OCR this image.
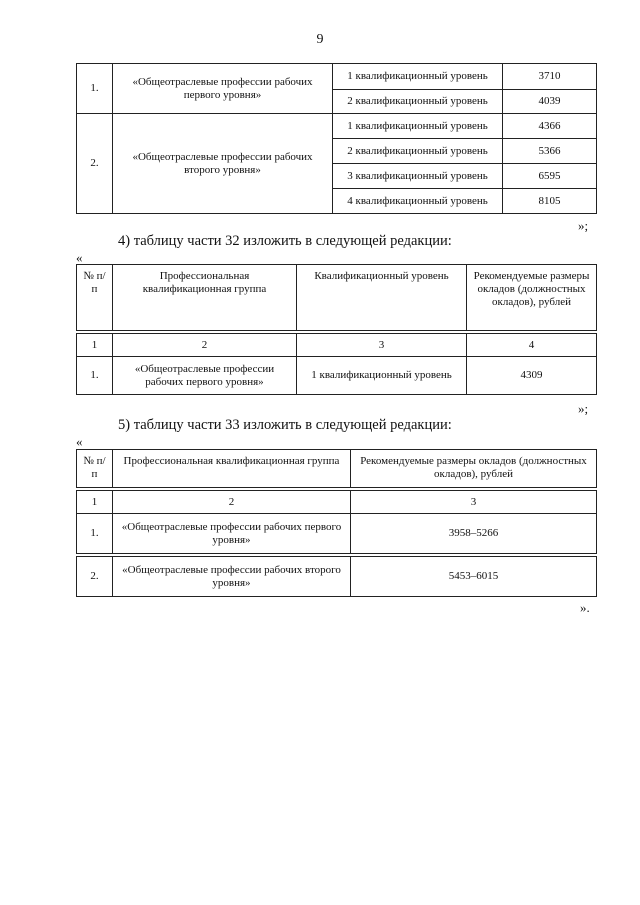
9
1.	«Общеотраслевые профессии рабочих первого уровня»	1 квалификационный уровень	3710
		2 квалификационный уровень	4039
2.	«Общеотраслевые профессии рабочих второго уровня»	1 квалификационный уровень	4366
		2 квалификационный уровень	5366
		3 квалификационный уровень	6595
		4 квалификационный уровень	8105
»;
4) таблицу части 32 изложить в следующей редакции:
«
№ п/п	Профессиональная квалификационная группа	Квалификационный уровень	Рекомендуемые размеры окладов (должностных окладов), рублей

1	2	3	4
1.	«Общеотраслевые профессии рабочих первого уровня»	1 квалификационный уровень	4309
»;
5) таблицу части 33 изложить в следующей редакции:
«
№ п/п	Профессиональная квалификационная группа	Рекомендуемые размеры окладов (должностных окладов), рублей

1	2	3
1.	«Общеотраслевые профессии рабочих первого уровня»	3958–5266

2.	«Общеотраслевые профессии рабочих второго уровня»	5453–6015
».
